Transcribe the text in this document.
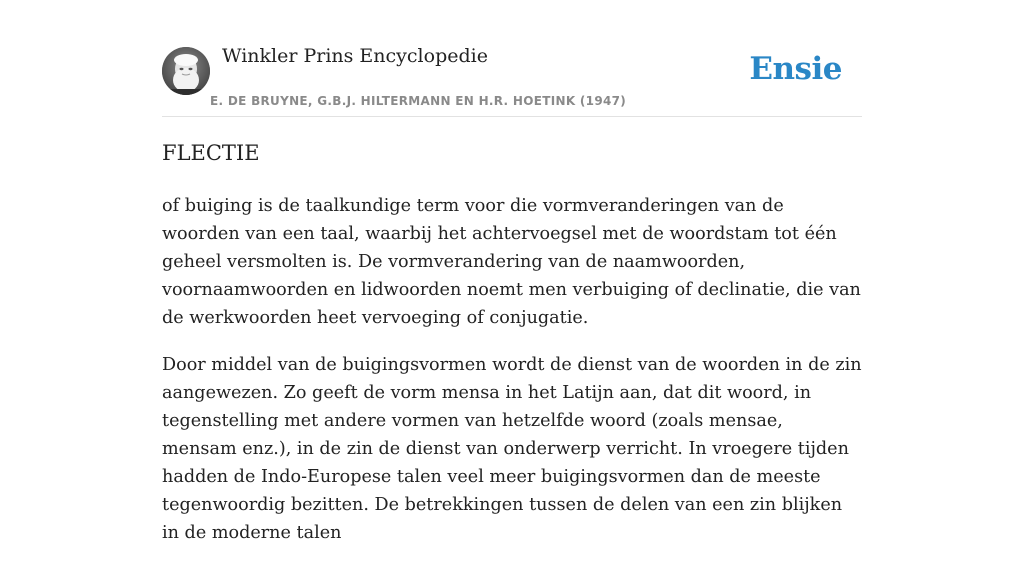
Winkler Prins Encyclopedie
E. DE BRUYNE, G.B.J. HILTERMANN EN H.R. HOETINK (1947)
Ensie
FLECTIE

of buiging is de taalkundige term voor die vormveranderingen van de woorden van een taal, waarbij het achtervoegsel met de woordstam tot één geheel versmolten is. De vormverandering van de naamwoorden, voornaamwoorden en lidwoorden noemt men verbuiging of declinatie, die van de werkwoorden heet vervoeging of conjugatie.

Door middel van de buigingsvormen wordt de dienst van de woorden in de zin aangewezen. Zo geeft de vorm mensa in het Latijn aan, dat dit woord, in tegenstelling met andere vormen van hetzelfde woord (zoals mensae, mensam enz.), in de zin de dienst van onderwerp verricht. In vroegere tijden hadden de Indo-Europese talen veel meer buigingsvormen dan de meeste tegenwoordig bezitten. De betrekkingen tussen de delen van een zin blijken in de moderne talen
